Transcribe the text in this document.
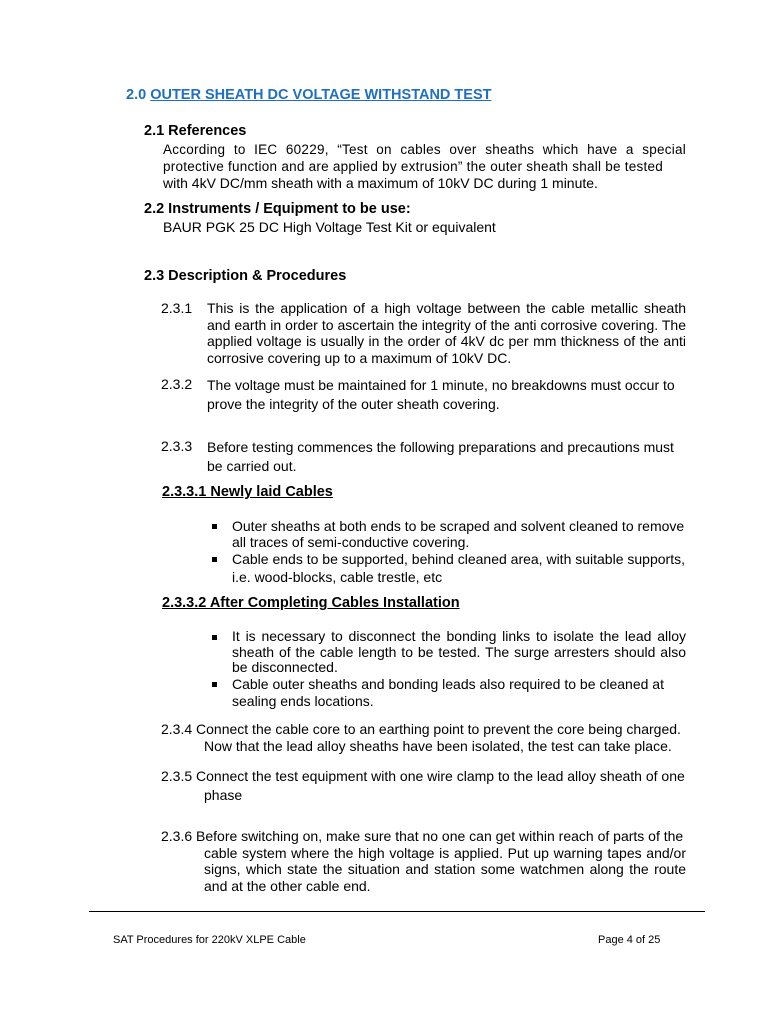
2.0 OUTER SHEATH DC VOLTAGE WITHSTAND TEST
2.1 References
According to IEC 60229, “Test on cables over sheaths which have a special protective function and are applied by extrusion” the outer sheath shall be tested
with 4kV DC/mm sheath with a maximum of 10kV DC during 1 minute.
2.2 Instruments / Equipment to be use:
BAUR PGK 25 DC High Voltage Test Kit or equivalent
2.3 Description & Procedures
2.3.1 This is the application of a high voltage between the cable metallic sheath and earth in order to ascertain the integrity of the anti corrosive covering. The applied voltage is usually in the order of 4kV dc per mm thickness of the anti corrosive covering up to a maximum of 10kV DC.
2.3.2 The voltage must be maintained for 1 minute, no breakdowns must occur to prove the integrity of the outer sheath covering.
2.3.3 Before testing commences the following preparations and precautions must be carried out.
2.3.3.1 Newly laid Cables
Outer sheaths at both ends to be scraped and solvent cleaned to remove all traces of semi-conductive covering.
Cable ends to be supported, behind cleaned area, with suitable supports, i.e. wood-blocks, cable trestle, etc
2.3.3.2 After Completing Cables Installation
It is necessary to disconnect the bonding links to isolate the lead alloy sheath of the cable length to be tested. The surge arresters should also be disconnected.
Cable outer sheaths and bonding leads also required to be cleaned at sealing ends locations.
2.3.4 Connect the cable core to an earthing point to prevent the core being charged.
Now that the lead alloy sheaths have been isolated, the test can take place.
2.3.5 Connect the test equipment with one wire clamp to the lead alloy sheath of one
phase
2.3.6 Before switching on, make sure that no one can get within reach of parts of the
cable system where the high voltage is applied. Put up warning tapes and/or signs, which state the situation and station some watchmen along the route and at the other cable end.
SAT Procedures for 220kV XLPE Cable	Page 4 of 25
